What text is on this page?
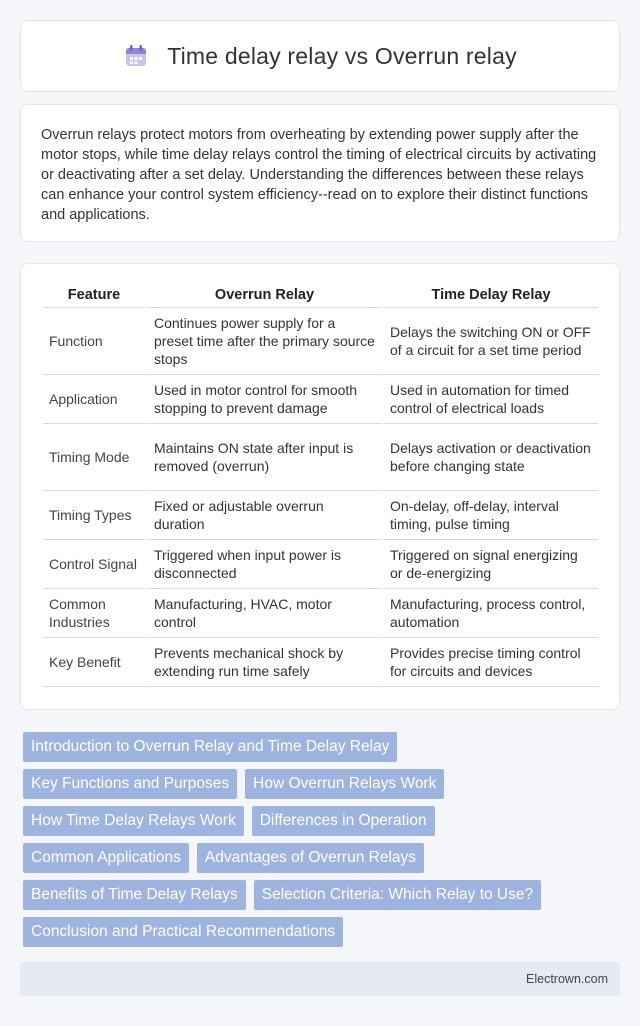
Time delay relay vs Overrun relay

Overrun relays protect motors from overheating by extending power supply after the motor stops, while time delay relays control the timing of electrical circuits by activating or deactivating after a set delay. Understanding the differences between these relays can enhance your control system efficiency--read on to explore their distinct functions and applications.

Feature	Overrun Relay	Time Delay Relay
Function	Continues power supply for a preset time after the primary source stops	Delays the switching ON or OFF of a circuit for a set time period
Application	Used in motor control for smooth stopping to prevent damage	Used in automation for timed control of electrical loads
Timing Mode	Maintains ON state after input is removed (overrun)	Delays activation or deactivation before changing state
Timing Types	Fixed or adjustable overrun duration	On-delay, off-delay, interval timing, pulse timing
Control Signal	Triggered when input power is disconnected	Triggered on signal energizing or de-energizing
Common Industries	Manufacturing, HVAC, motor control	Manufacturing, process control, automation
Key Benefit	Prevents mechanical shock by extending run time safely	Provides precise timing control for circuits and devices
Introduction to Overrun Relay and Time Delay Relay
Key Functions and Purposes	How Overrun Relays Work
How Time Delay Relays Work	Differences in Operation
Common Applications	Advantages of Overrun Relays
Benefits of Time Delay Relays	Selection Criteria: Which Relay to Use?
Conclusion and Practical Recommendations
Electrown.com
